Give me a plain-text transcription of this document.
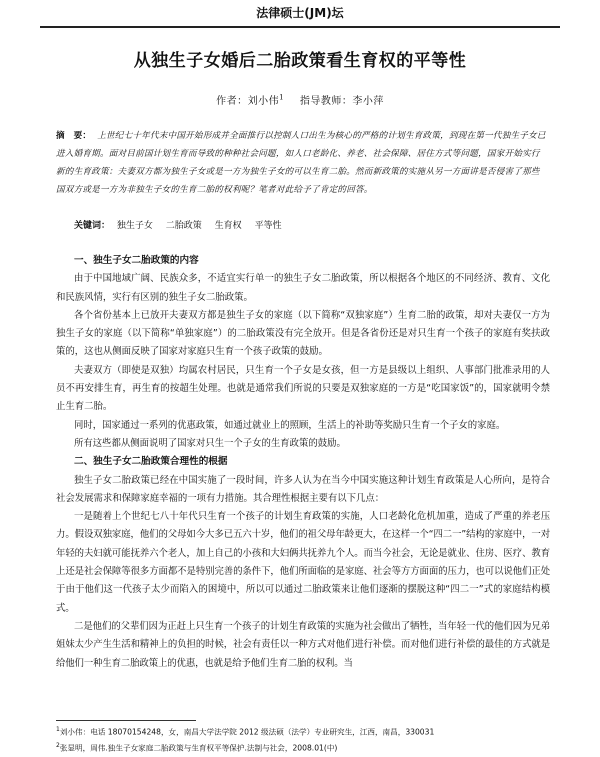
法律硕士(JM)坛
从独生子女婚后二胎政策看生育权的平等性
作者：刘小伟$^1$ 指导教师：李小萍
摘　要： 上世纪七十年代末中国开始形成并全面推行以控制人口出生为核心的严格的计划生育政策，到现在第一代独生子女已进入婚育期。面对目前国计划生育而导致的种种社会问题，如人口老龄化、养老、社会保障、居住方式等问题，国家开始实行新的生育政策：夫妻双方都为独生子女或是一方为独生子女的可以生育二胎。然而新政策的实施从另一方面讲是否侵害了那些国双方或是一方为非独生子女的生育二胎的权利呢？笔者对此给予了肯定的回答。
关键词： 独生子女 二胎政策 生育权 平等性
一、独生子女二胎政策的内容

由于中国地域广阔、民族众多，不适宜实行单一的独生子女二胎政策，所以根据各个地区的不同经济、教育、文化和民族风情，实行有区别的独生子女二胎政策。

各个省份基本上已放开夫妻双方都是独生子女的家庭（以下简称“双独家庭”）生育二胎的政策，却对夫妻仅一方为独生子女的家庭（以下简称“单独家庭”）的二胎政策没有完全放开。但是各省份还是对只生育一个孩子的家庭有奖扶政策的，这也从侧面反映了国家对家庭只生育一个孩子政策的鼓励。

夫妻双方（即使是双独）均属农村居民，只生育一个子女是女孩，但一方是县级以上组织、人事部门批准录用的人员不再安排生育，再生育的按超生处理。也就是通常我们所说的只要是双独家庭的一方是“吃国家饭”的，国家就明令禁止生育二胎。

同时，国家通过一系列的优惠政策，如通过就业上的照顾，生活上的补助等奖励只生育一个子女的家庭。

所有这些都从侧面说明了国家对只生一个子女的生育政策的鼓励。

二、独生子女二胎政策合理性的根据

独生子女二胎政策已经在中国实施了一段时间，许多人认为在当今中国实施这种计划生育政策是人心所向，是符合社会发展需求和保障家庭幸福的一项有力措施。其合理性根据主要有以下几点：

一是随着上个世纪七八十年代只生育一个孩子的计划生育政策的实施，人口老龄化危机加重，造成了严重的养老压力。假设双独家庭，他们的父母如今大多已五六十岁，他们的祖父母年龄更大，在这样一个“四二一”结构的家庭中，一对年轻的夫妇就可能抚养六个老人，加上自己的小孩和大妇俩共抚养九个人。而当今社会，无论是就业、住房、医疗、教育上还是社会保障等很多方面都不是特别完善的条件下，他们所面临的是家庭、社会等方方面面的压力，也可以说他们正处于由于他们这一代孩子太少而陷入的困境中，所以可以通过二胎政策来让他们逐渐的摆脱这种“四二一”式的家庭结构模式。

二是他们的父辈们因为正赶上只生育一个孩子的计划生育政策的实施为社会做出了牺牲，当年轻一代的他们因为兄弟姐妹太少产生生活和精神上的负担的时候，社会有责任以一种方式对他们进行补偿。而对他们进行补偿的最佳的方式就是给他们一种生育二胎政策上的优惠，也就是给予他们生育二胎的权利。当

$^1$刘小伟：电话 18070154248，女，南昌大学法学院 2012 级法硕（法学）专业研究生，江西，南昌，330031
$^2$张显明，周伟.独生子女家庭二胎政策与生育权平等保护.法制与社会，2008.01(中)
